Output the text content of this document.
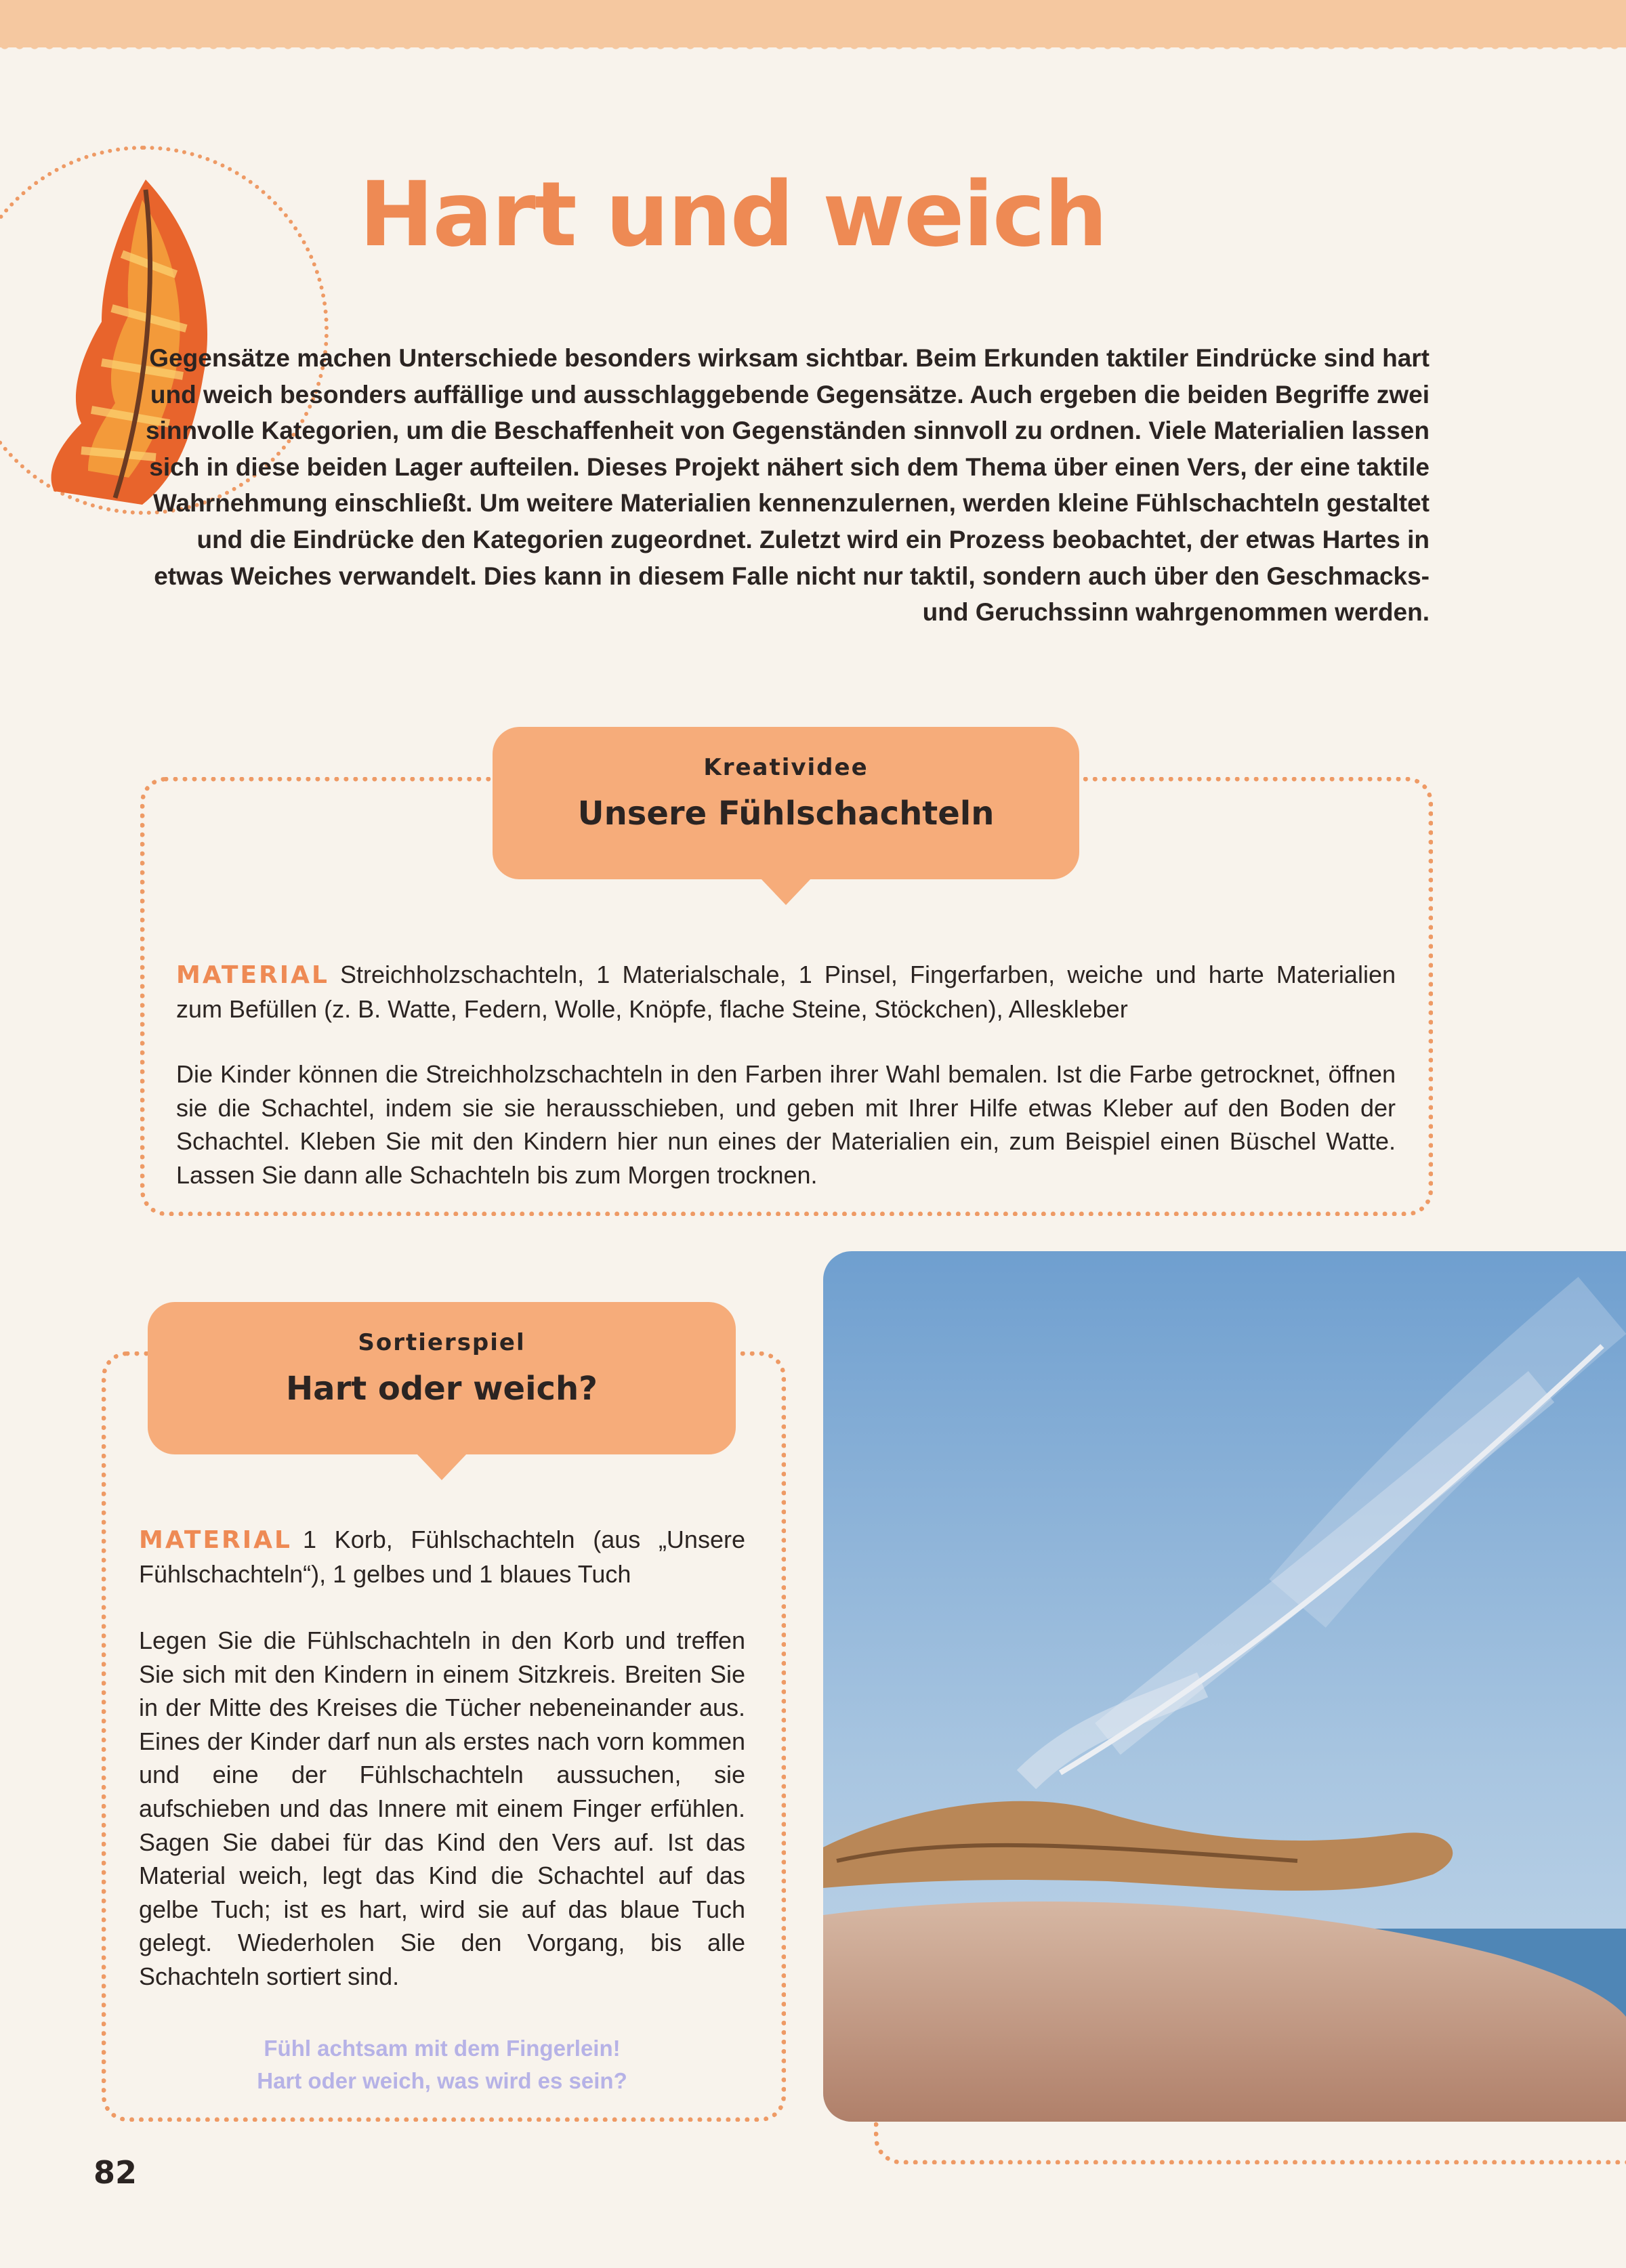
Hart und weich

Gegensätze machen Unterschiede besonders wirksam sichtbar. Beim Erkunden taktiler Eindrücke sind hart und weich besonders auffällige und ausschlaggebende Gegensätze. Auch ergeben die beiden Begriffe zwei sinnvolle Kategorien, um die Beschaffenheit von Gegenständen sinnvoll zu ordnen. Viele Materialien lassen sich in diese beiden Lager aufteilen. Dieses Projekt nähert sich dem Thema über einen Vers, der eine taktile Wahrnehmung einschließt. Um weitere Materialien kennenzulernen, werden kleine Fühlschachteln gestaltet und die Eindrücke den Kategorien zugeordnet. Zuletzt wird ein Prozess beobachtet, der etwas Hartes in etwas Weiches verwandelt. Dies kann in diesem Falle nicht nur taktil, sondern auch über den Geschmacks- und Geruchssinn wahrgenommen werden.

Kreatividee
Unsere Fühlschachteln

MATERIAL Streichholzschachteln, 1 Materialschale, 1 Pinsel, Fingerfarben, weiche und harte Materialien zum Befüllen (z. B. Watte, Federn, Wolle, Knöpfe, flache Steine, Stöckchen), Alleskleber

Die Kinder können die Streichholzschachteln in den Farben ihrer Wahl bemalen. Ist die Farbe getrocknet, öffnen sie die Schachtel, indem sie sie herausschieben, und geben mit Ihrer Hilfe etwas Kleber auf den Boden der Schachtel. Kleben Sie mit den Kindern hier nun eines der Materialien ein, zum Beispiel einen Büschel Watte. Lassen Sie dann alle Schachteln bis zum Morgen trocknen.

Sortierspiel
Hart oder weich?

MATERIAL 1 Korb, Fühlschachteln (aus „Unsere Fühlschachteln“), 1 gelbes und 1 blaues Tuch

Legen Sie die Fühlschachteln in den Korb und treffen Sie sich mit den Kindern in einem Sitzkreis. Breiten Sie in der Mitte des Kreises die Tücher nebeneinander aus. Eines der Kinder darf nun als erstes nach vorn kommen und eine der Fühlschachteln aussuchen, sie aufschieben und das Innere mit einem Finger erfühlen. Sagen Sie dabei für das Kind den Vers auf. Ist das Material weich, legt das Kind die Schachtel auf das gelbe Tuch; ist es hart, wird sie auf das blaue Tuch gelegt. Wiederholen Sie den Vorgang, bis alle Schachteln sortiert sind.

Fühl achtsam mit dem Fingerlein!
Hart oder weich, was wird es sein?
82
